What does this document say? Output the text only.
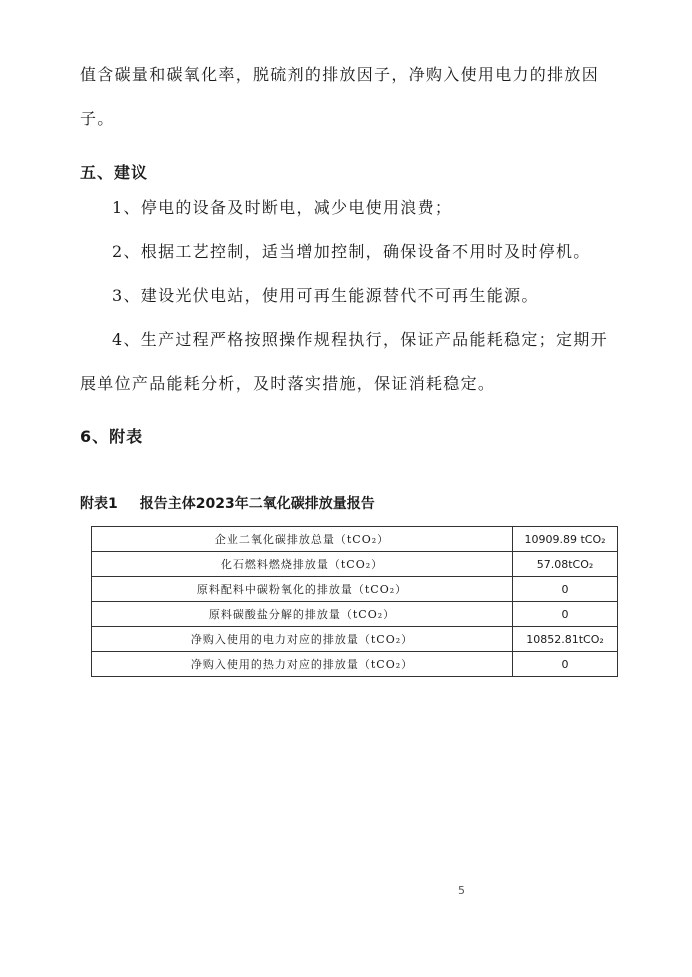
值含碳量和碳氧化率，脱硫剂的排放因子，净购入使用电力的排放因子。
五、建议
1、停电的设备及时断电，减少电使用浪费；
2、根据工艺控制，适当增加控制，确保设备不用时及时停机。
3、建设光伏电站，使用可再生能源替代不可再生能源。
4、生产过程严格按照操作规程执行，保证产品能耗稳定；定期开展单位产品能耗分析，及时落实措施，保证消耗稳定。
6、附表
附表1 报告主体2023年二氧化碳排放量报告
企业二氧化碳排放总量（tCO₂）	10909.89 tCO₂
化石燃料燃烧排放量（tCO₂）	57.08tCO₂
原料配料中碳粉氧化的排放量（tCO₂）	0
原料碳酸盐分解的排放量（tCO₂）	0
净购入使用的电力对应的排放量（tCO₂）	10852.81tCO₂
净购入使用的热力对应的排放量（tCO₂）	0
5
